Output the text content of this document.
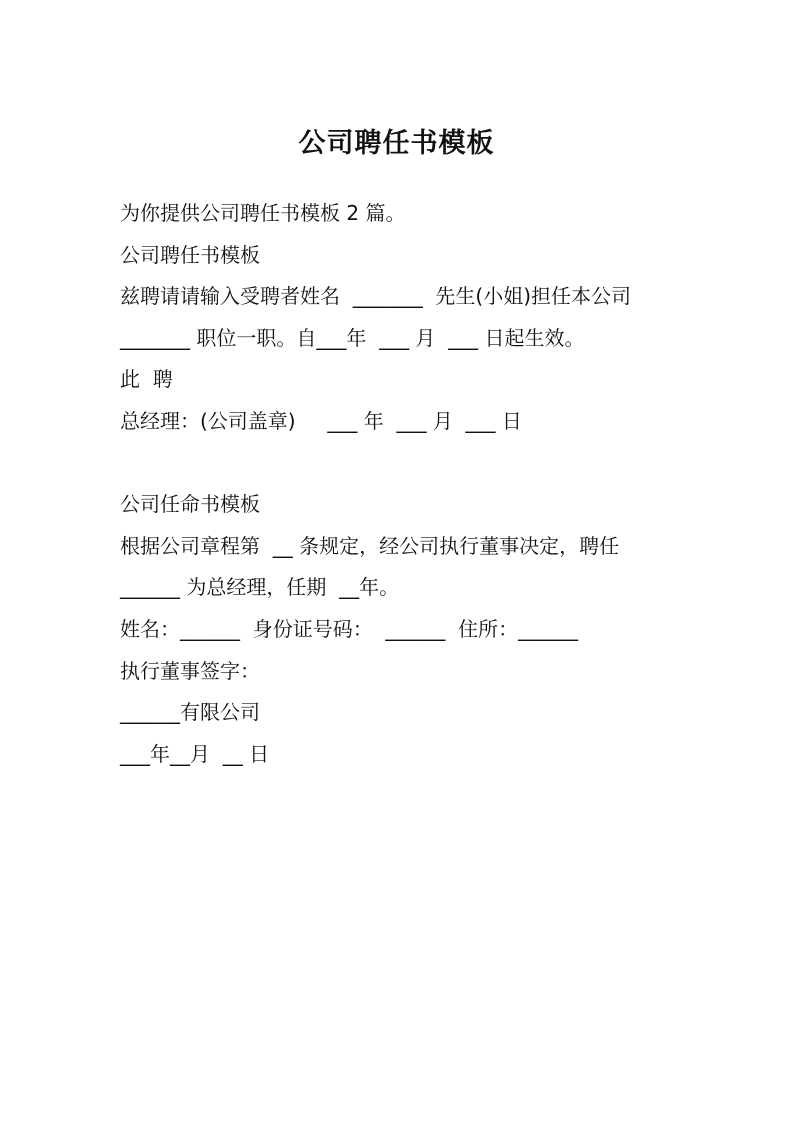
公司聘任书模板
为你提供公司聘任书模板 2 篇。
公司聘任书模板
兹聘请请输入受聘者姓名  _______  先生(小姐)担任本公司
_______ 职位一职。自___年  ___ 月  ___ 日起生效。
此  聘
总经理：(公司盖章)     ___ 年  ___ 月  ___ 日
公司任命书模板
根据公司章程第  __ 条规定，经公司执行董事决定，聘任
______ 为总经理，任期  __年。
姓名：______  身份证号码：  ______  住所：______
执行董事签字：
______有限公司
___年__月  __ 日
